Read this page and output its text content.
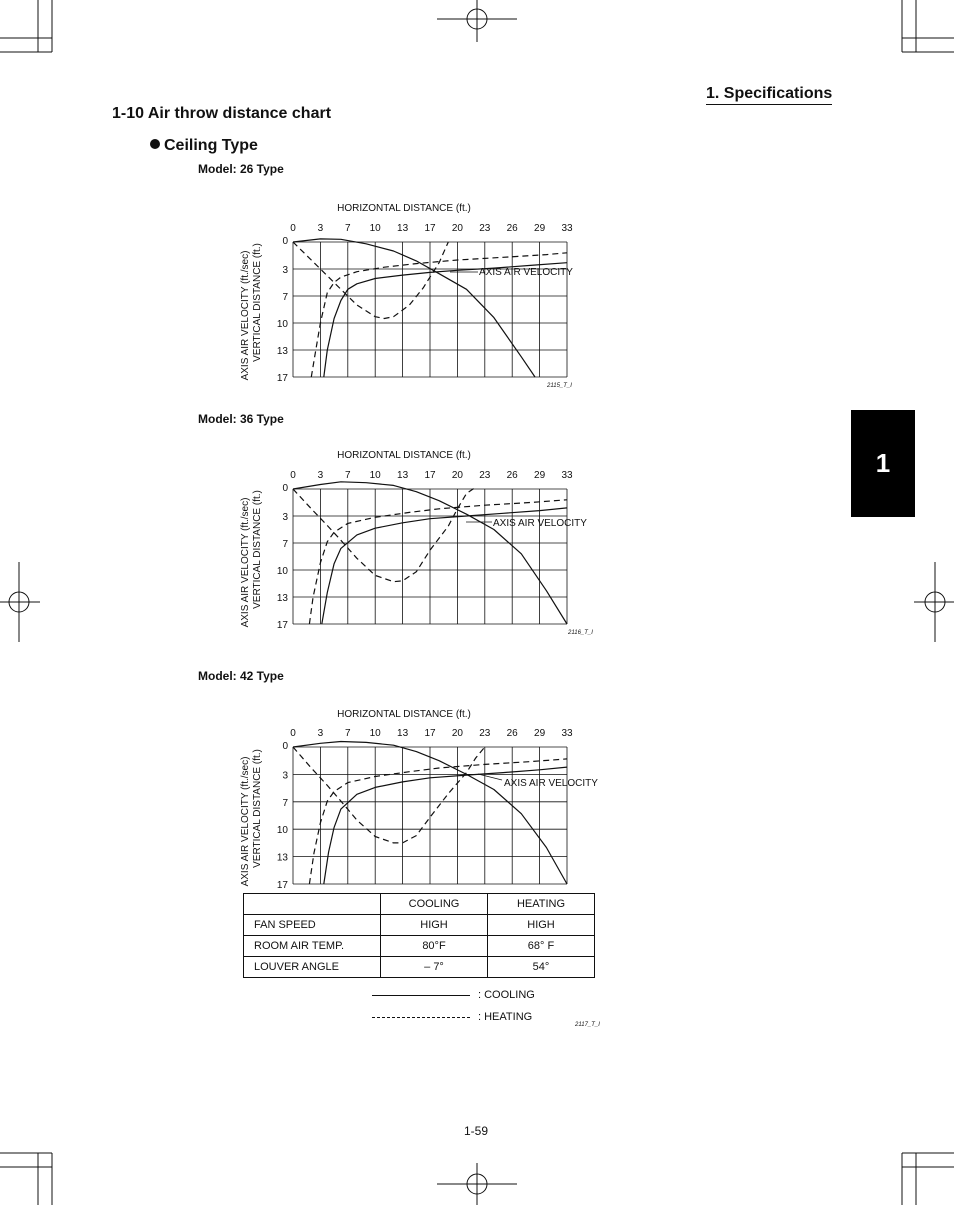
1. Specifications
1-10 Air throw distance chart
Ceiling Type
Model: 26 Type
Model: 36 Type
Model: 42 Type
HORIZONTAL DISTANCE (ft.)
0 3 7 10 13 17 20 23 26 29 33
0
3
7
10
13
17
AXIS AIR VELOCITY (ft./sec) VERTICAL DISTANCE (ft.)	AXIS AIR VELOCITY
2115_T_I
HORIZONTAL DISTANCE (ft.)
0 3 7 10 13 17 20 23 26 29 33
0
3
7
10
13
17
AXIS AIR VELOCITY (ft./sec) VERTICAL DISTANCE (ft.)	AXIS AIR VELOCITY
2116_T_I
HORIZONTAL DISTANCE (ft.)
0 3 7 10 13 17 20 23 26 29 33
0
3
7
10
13
17
AXIS AIR VELOCITY (ft./sec) VERTICAL DISTANCE (ft.)	AXIS AIR VELOCITY
2117_T_I
1
	COOLING	HEATING
FAN SPEED	HIGH	HIGH
ROOM AIR TEMP.	80°F	68° F
LOUVER ANGLE	– 7°	54°
: COOLING
: HEATING
1-59
